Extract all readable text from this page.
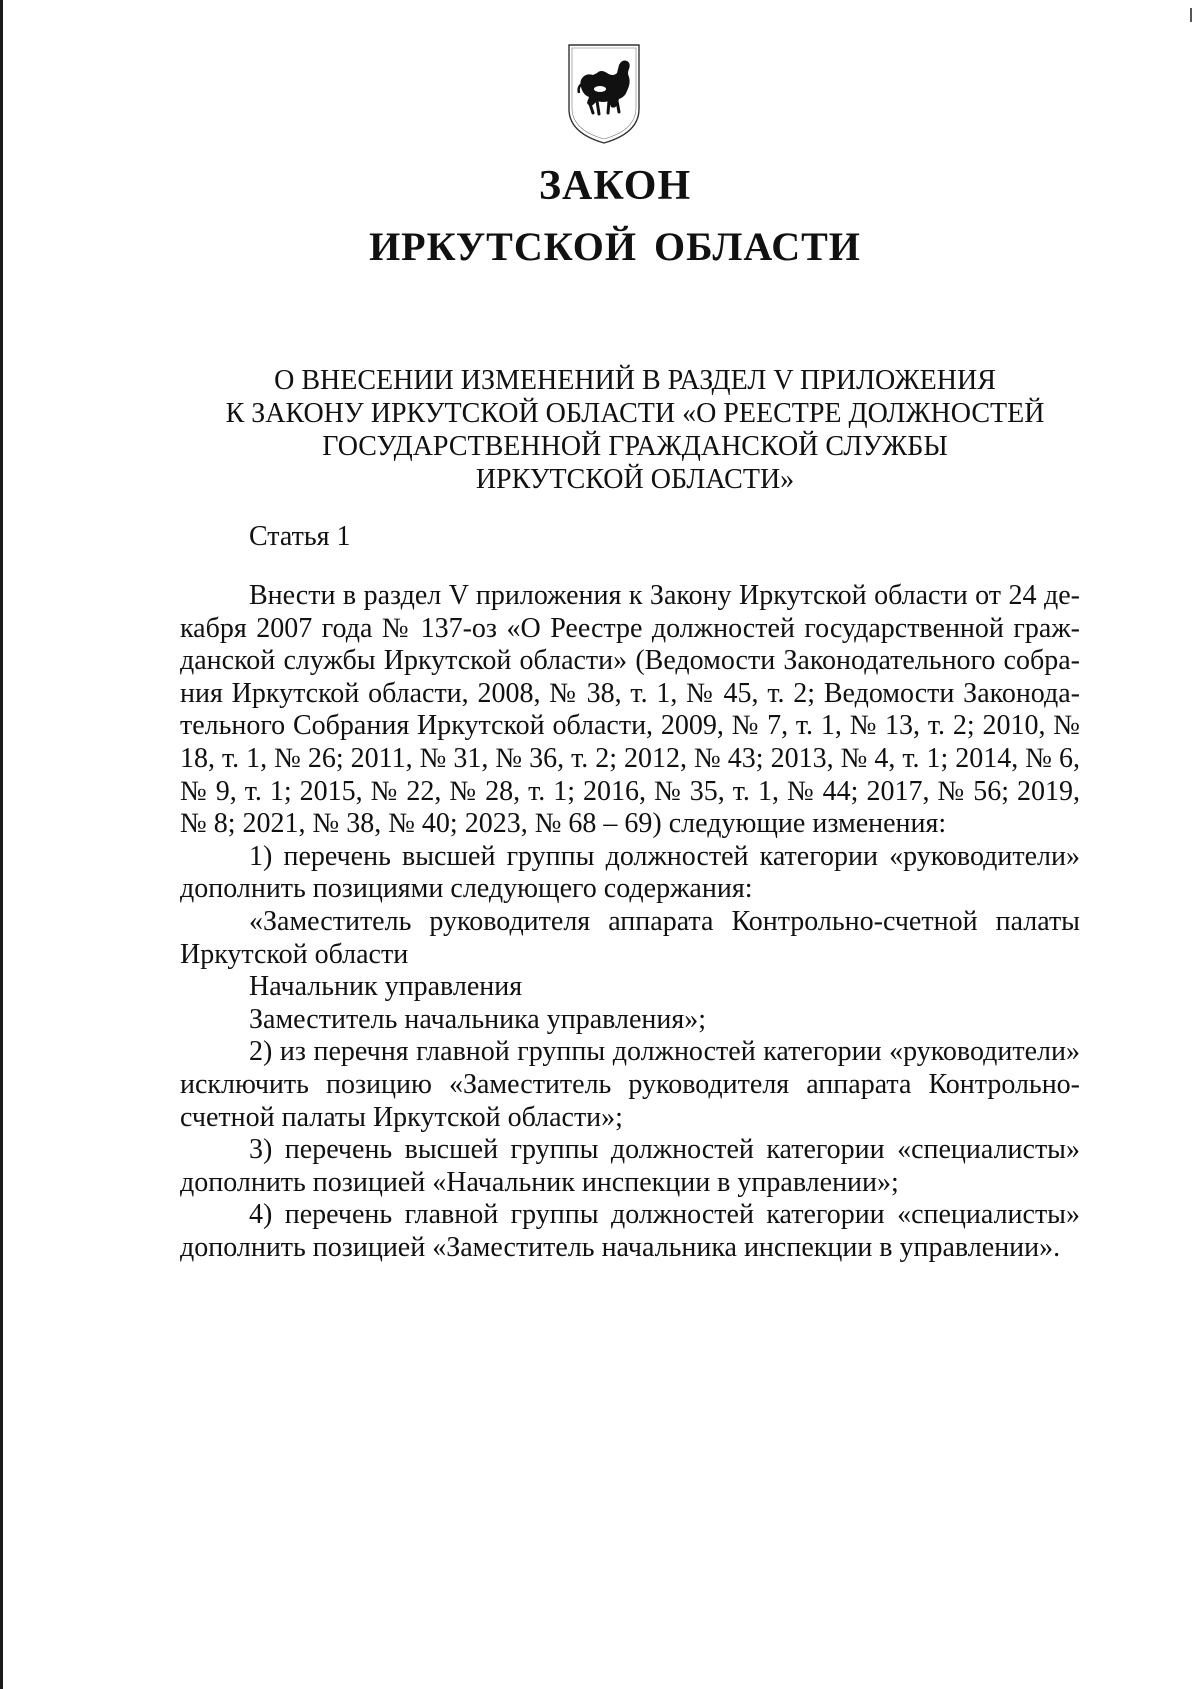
ЗАКОН
ИРКУТСКОЙ ОБЛАСТИ
О ВНЕСЕНИИ ИЗМЕНЕНИЙ В РАЗДЕЛ V ПРИЛОЖЕНИЯ
К ЗАКОНУ ИРКУТСКОЙ ОБЛАСТИ «О РЕЕСТРЕ ДОЛЖНОСТЕЙ
ГОСУДАРСТВЕННОЙ ГРАЖДАНСКОЙ СЛУЖБЫ
ИРКУТСКОЙ ОБЛАСТИ»

Статья 1

Внести в раздел V приложения к Закону Иркутской области от 24 декабря 2007 года № 137-оз «О Реестре должностей государственной гражданской службы Иркутской области» (Ведомости Законодательного собрания Иркутской области, 2008, № 38, т. 1, № 45, т. 2; Ведомости Законодательного Собрания Иркутской области, 2009, № 7, т. 1, № 13, т. 2; 2010, № 18, т. 1, № 26; 2011, № 31, № 36, т. 2; 2012, № 43; 2013, № 4, т. 1; 2014, № 6, № 9, т. 1; 2015, № 22, № 28, т. 1; 2016, № 35, т. 1, № 44; 2017, № 56; 2019, № 8; 2021, № 38, № 40; 2023, № 68 – 69) следующие изменения:

1) перечень высшей группы должностей категории «руководители» дополнить позициями следующего содержания:

«Заместитель руководителя аппарата Контрольно-счетной палаты Иркутской области

Начальник управления

Заместитель начальника управления»;

2) из перечня главной группы должностей категории «руководители» исключить позицию «Заместитель руководителя аппарата Контрольно-счетной палаты Иркутской области»;

3) перечень высшей группы должностей категории «специалисты» дополнить позицией «Начальник инспекции в управлении»;

4) перечень главной группы должностей категории «специалисты» дополнить позицией «Заместитель начальника инспекции в управлении».
